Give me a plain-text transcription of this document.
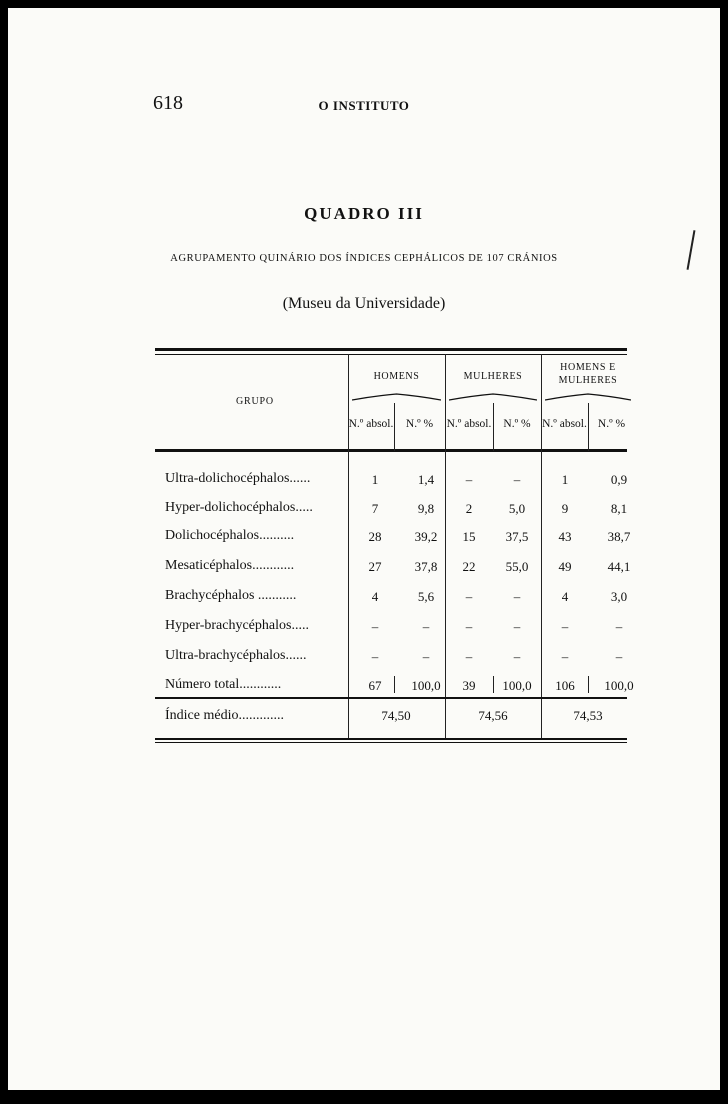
618	O INSTITUTO
QUADRO III
AGRUPAMENTO QUINÁRIO DOS ÍNDICES CEPHÁLICOS DE 107 CRÁNIOS
(Museu da Universidade)
GRUPO
HOMENS	MULHERES
HOMENS E MULHERES
N.º absol.	N.º %	N.º absol.	N.º %	N.º absol. N.º %
Ultra-dolichocéphalos......	1	1,4	–	–	1	0,9
Hyper-dolichocéphalos.....	7	9,8	2	5,0	9	8,1
Dolichocéphalos..........	28	39,2	15	37,5	43	38,7
Mesaticéphalos............	27	37,8	22	55,0	49	44,1
Brachycéphalos ...........	4	5,6	–	–	4	3,0
Hyper-brachycéphalos.....	–	–	–	–	–	–
Ultra-brachycéphalos......	–	–	–	–	–	–
Número total............	67	100,0	39	100,0	106	100,0
Índice médio.............	74,50	74,56	74,53
